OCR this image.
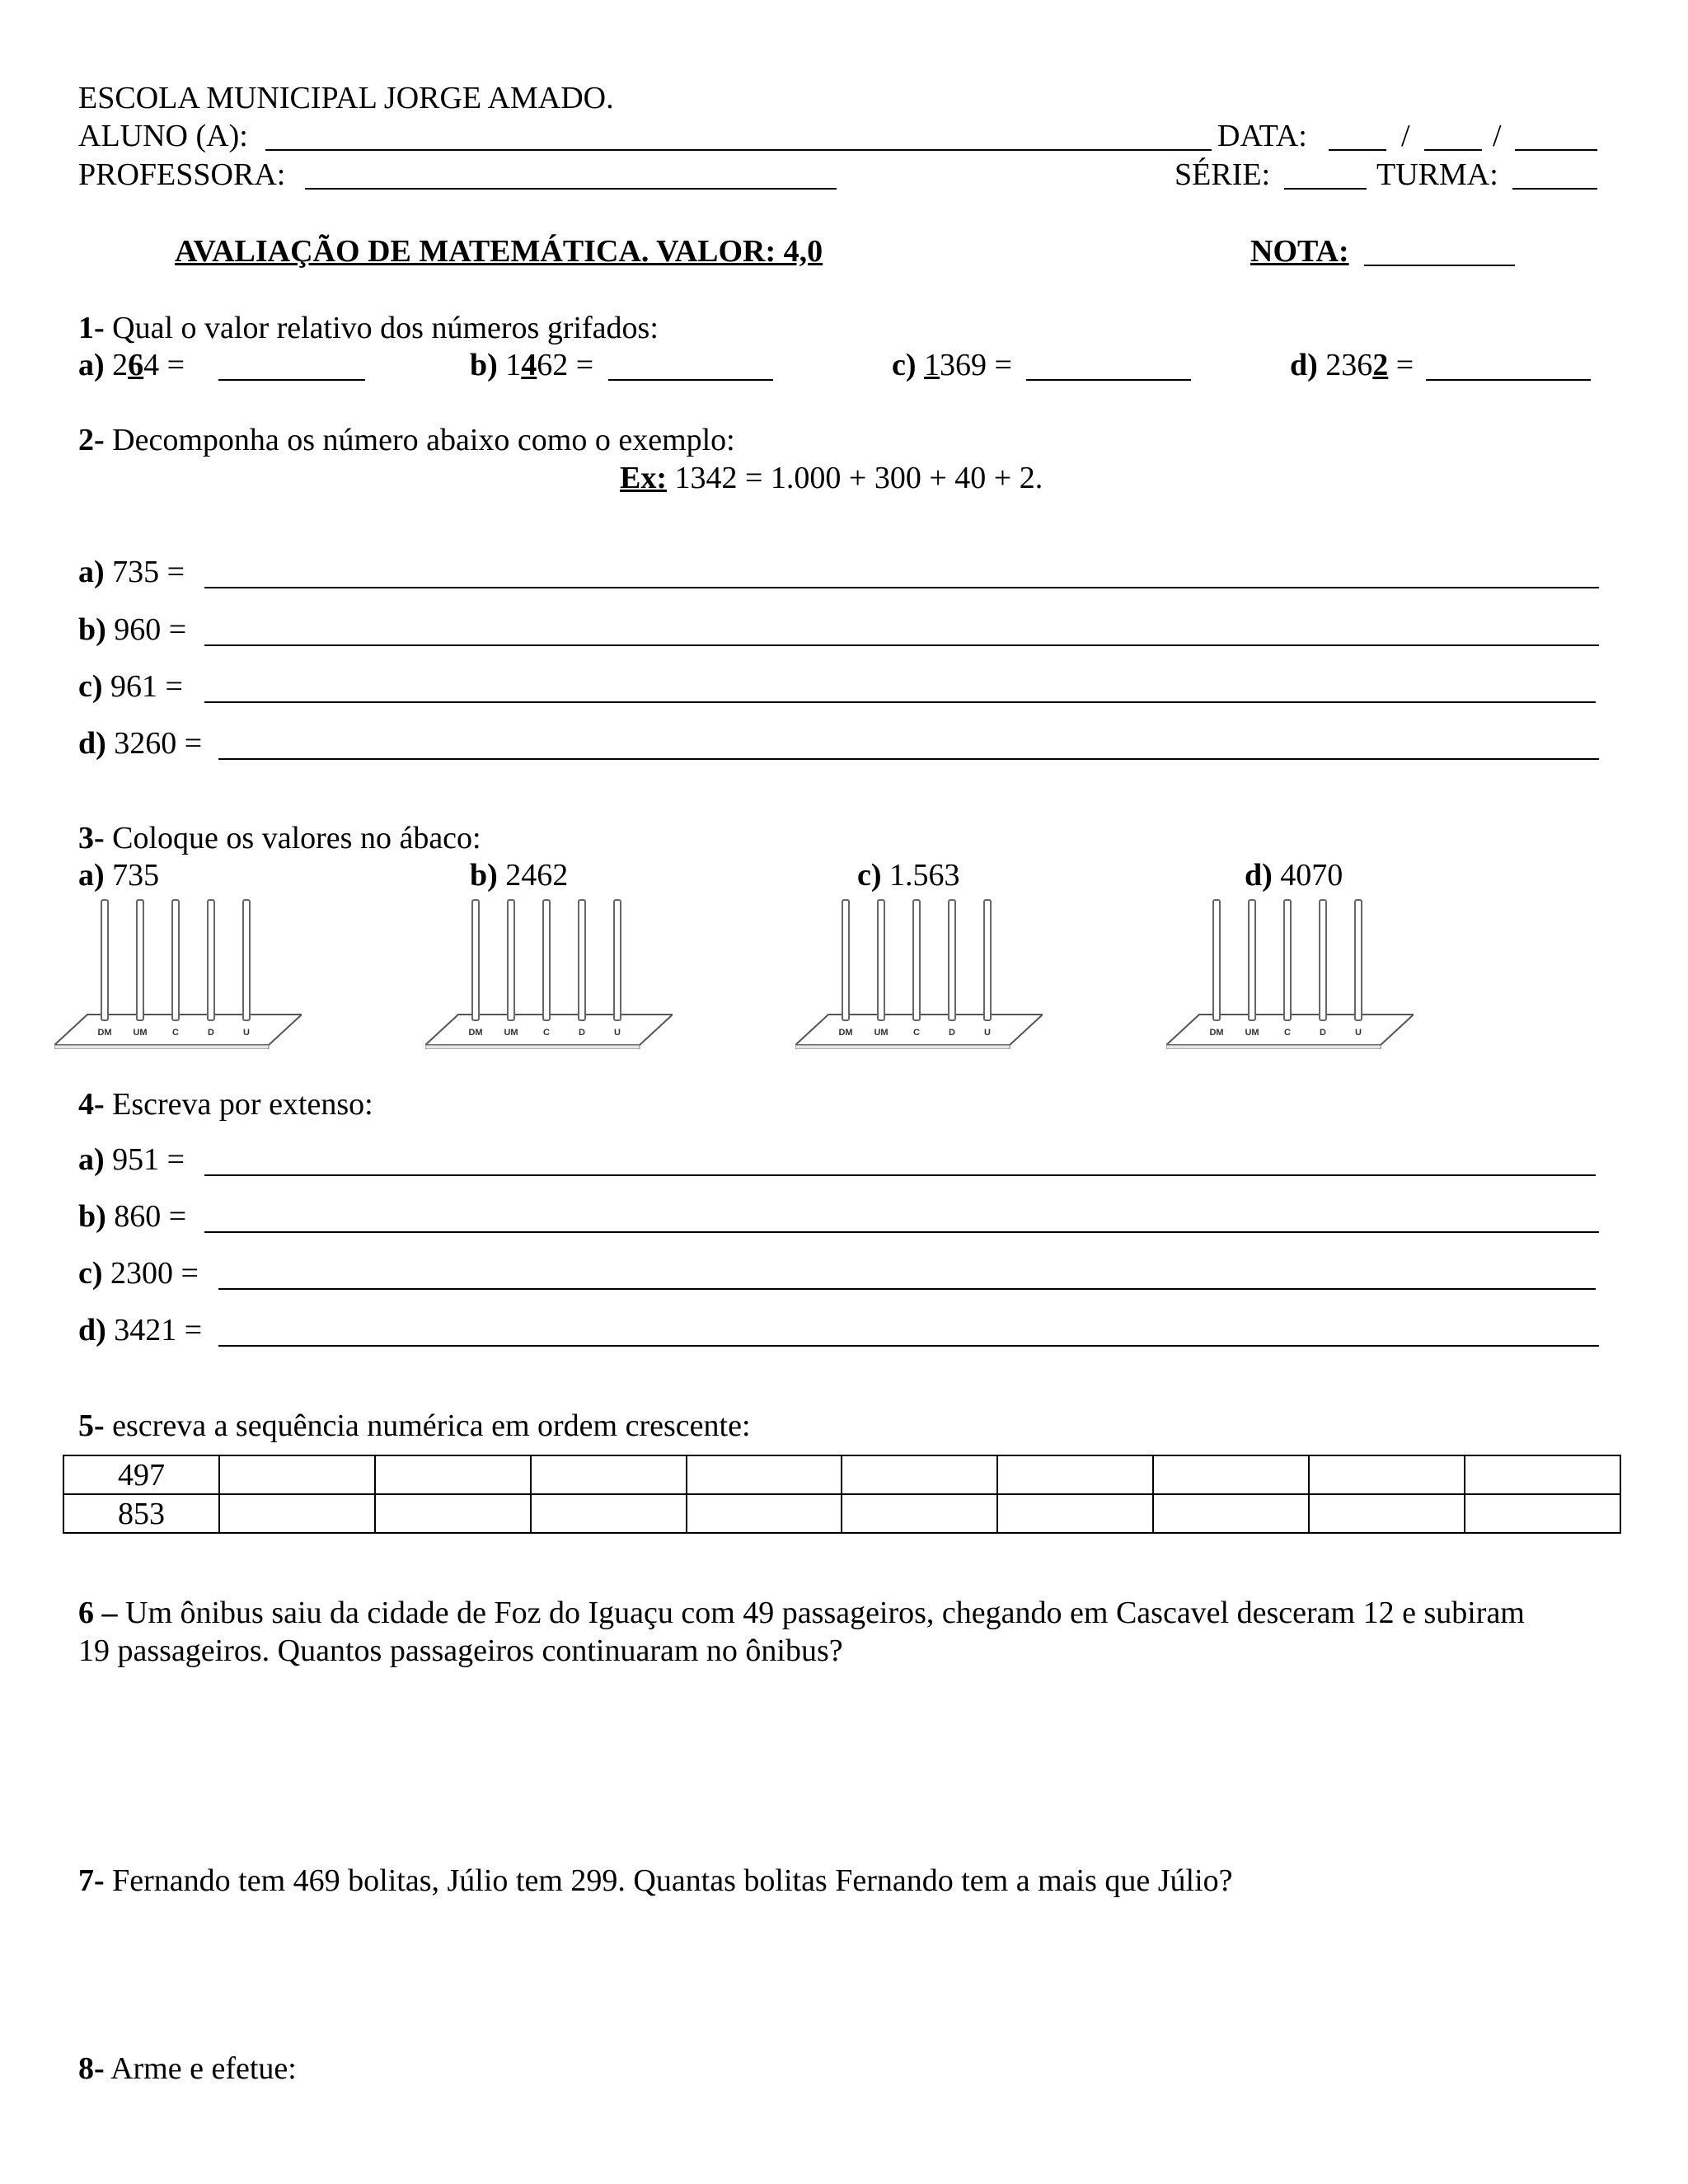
ESCOLA MUNICIPAL JORGE AMADO.
ALUNO (A):	DATA:	/	/
PROFESSORA:	SÉRIE:	TURMA:
AVALIAÇÃO DE MATEMÁTICA. VALOR: 4,0	NOTA:
1- Qual o valor relativo dos números grifados:
a) 264 =	b) 1462 =	c) 1369 =	d) 2362 =
2- Decomponha os número abaixo como o exemplo:
Ex: 1342 = 1.000 + 300 + 40 + 2.
a) 735 =
b) 960 =
c) 961 =
d) 3260 =
3- Coloque os valores no ábaco:
a) 735	b) 2462	c) 1.563	d) 4070
DM UM	C	D	U	DM UM	C	D	U	DM UM	C	D	U	DM UM	C	D	U
4- Escreva por extenso:
a) 951 =
b) 860 =
c) 2300 =
d) 3421 =
5- escreva a sequência numérica em ordem crescente:
497									
853									
6 – Um ônibus saiu da cidade de Foz do Iguaçu com 49 passageiros, chegando em Cascavel desceram 12 e subiram
19 passageiros. Quantos passageiros continuaram no ônibus?
7- Fernando tem 469 bolitas, Júlio tem 299. Quantas bolitas Fernando tem a mais que Júlio?
8- Arme e efetue:
